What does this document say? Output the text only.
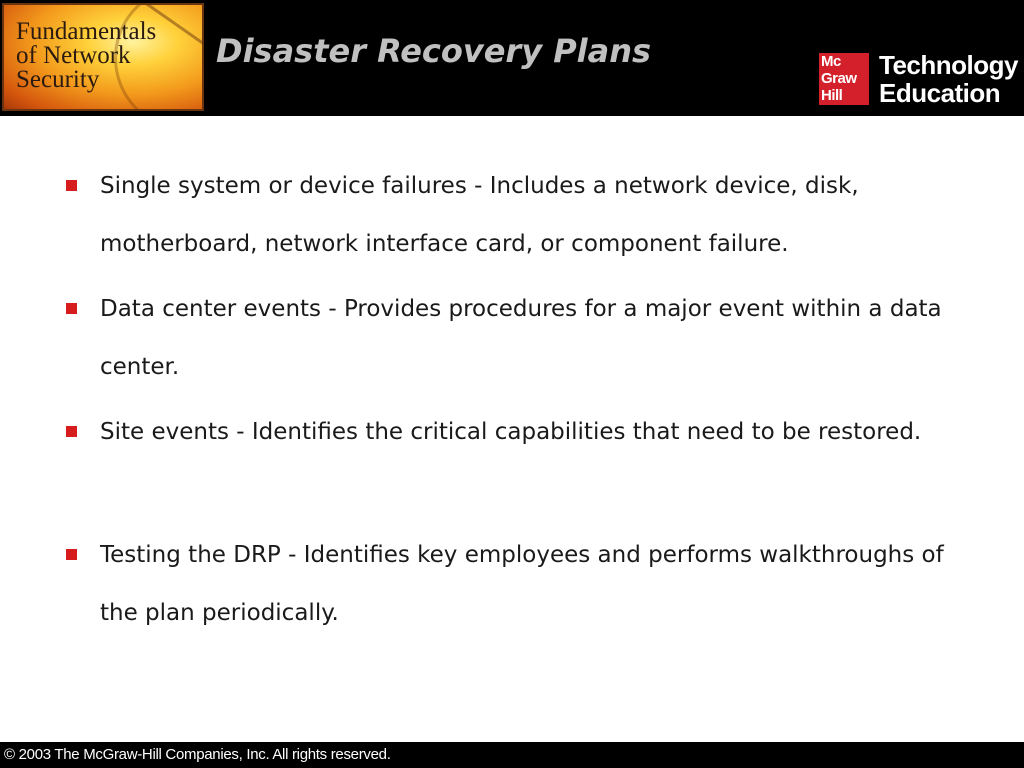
Fundamentals
of Network
Security
Disaster Recovery Plans	Mc
Graw
Hill
Technology
Education
Single system or device failures - Includes a network device, disk, motherboard, network interface card, or component failure.
Data center events - Provides procedures for a major event within a data center.
Site events - Identifies the critical capabilities that need to be restored.
Testing the DRP - Identifies key employees and performs walkthroughs of the plan periodically.
© 2003 The McGraw-Hill Companies, Inc. All rights reserved.
